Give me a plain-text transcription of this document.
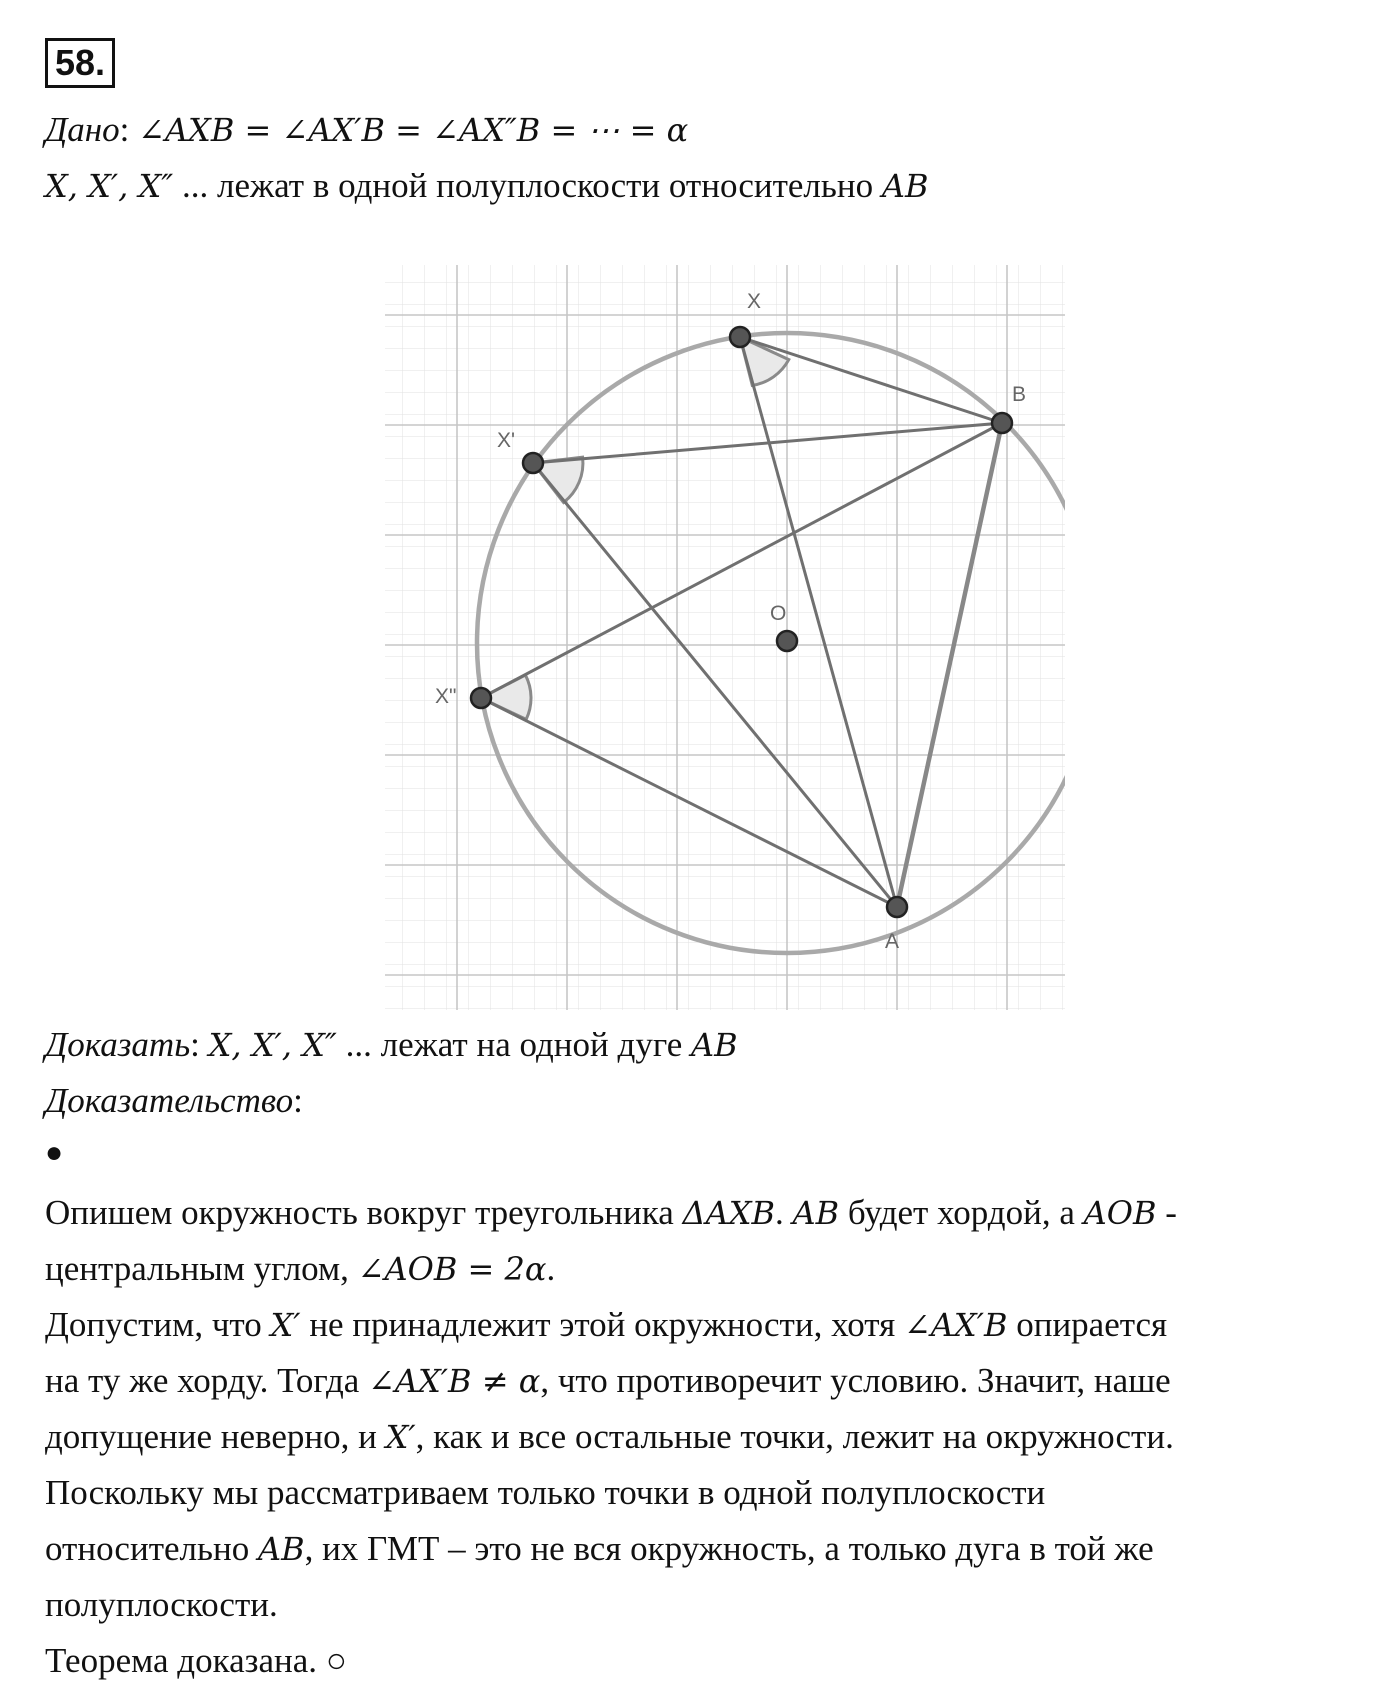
58.
Дано: ∠AXB = ∠AX′B = ∠AX″B = ⋯ = α
X, X′, X″ ... лежат в одной полуплоскости относительно AB
X
X'
X"
B
O
A
Доказать: X, X′, X″ ... лежат на одной дуге AB
Доказательство:
●
Опишем окружность вокруг треугольника ΔAXB. AB будет хордой, а AOB -
центральным углом, ∠AOB = 2α.
Допустим, что X′ не принадлежит этой окружности, хотя ∠AX′B опирается
на ту же хорду. Тогда ∠AX′B ≠ α, что противоречит условию. Значит, наше
допущение неверно, и X′, как и все остальные точки, лежит на окружности.
Поскольку мы рассматриваем только точки в одной полуплоскости
относительно AB, их ГМТ – это не вся окружность, а только дуга в той же
полуплоскости.
Теорема доказана. ○
